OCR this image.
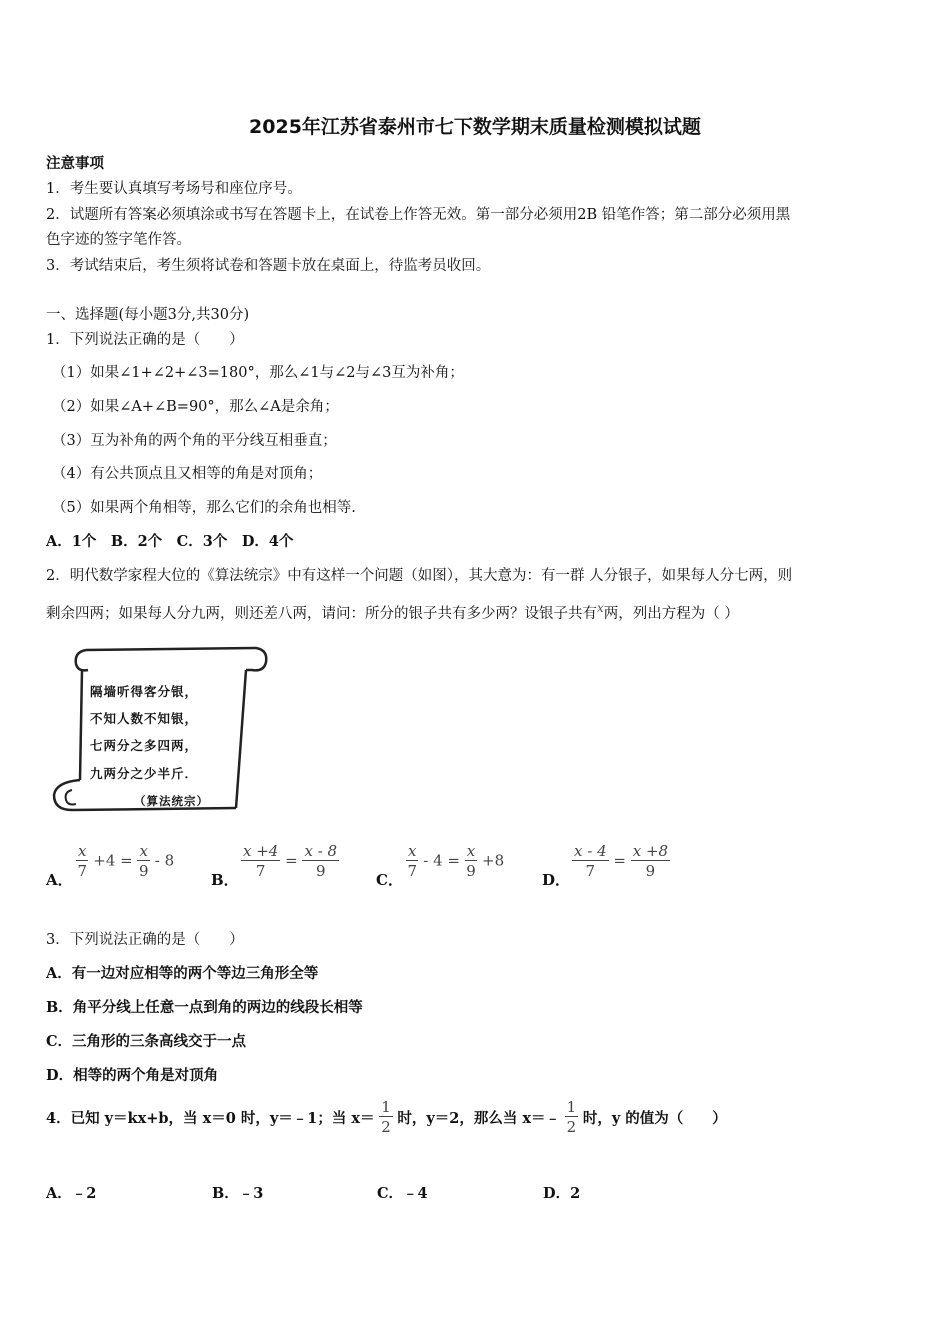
2025年江苏省泰州市七下数学期末质量检测模拟试题
注意事项
1．考生要认真填写考场号和座位序号。
2．试题所有答案必须填涂或书写在答题卡上，在试卷上作答无效。第一部分必须用2B 铅笔作答；第二部分必须用黑
色字迹的签字笔作答。
3．考试结束后，考生须将试卷和答题卡放在桌面上，待监考员收回。
一、选择题(每小题3分,共30分)
1．下列说法正确的是（　　）
（1）如果∠1+∠2+∠3=180°，那么∠1与∠2与∠3互为补角；
（2）如果∠A+∠B=90°，那么∠A是余角；
（3）互为补角的两个角的平分线互相垂直；
（4）有公共顶点且又相等的角是对顶角；
（5）如果两个角相等，那么它们的余角也相等.
A．1个　B．2个　C．3个　D．4个
2．明代数学家程大位的《算法统宗》中有这样一个问题（如图），其大意为：有一群 人分银子，如果每人分七两，则
剩余四两；如果每人分九两，则还差八两，请问：所分的银子共有多少两？设银子共有$^x$两，列出方程为（ ）
隔墙听得客分银，
不知人数不知银，
七两分之多四两，
九两分之少半斤．
（算法统宗）
A． $\frac{x}{7} +4 = \frac{x}{9} - 8$
B． $\frac{x +4}{7} = \frac{x - 8}{9}$ C． $\frac{x}{7} - 4 = \frac{x}{9} +8$
D． $\frac{x - 4}{7} = \frac{x +8}{9}$
3．下列说法正确的是（　　）
A．有一边对应相等的两个等边三角形全等
B．角平分线上任意一点到角的两边的线段长相等
C．三角形的三条高线交于一点
D．相等的两个角是对顶角
4．已知 y＝kx+b，当 x＝0 时，y＝﹣1；当 $x= \frac{1}{2}$ 时，y＝2，那么当 x＝﹣ $\frac{1}{2}$ 时，y 的值为（　　）
A．﹣2	B．﹣3	C．﹣4	D．2
